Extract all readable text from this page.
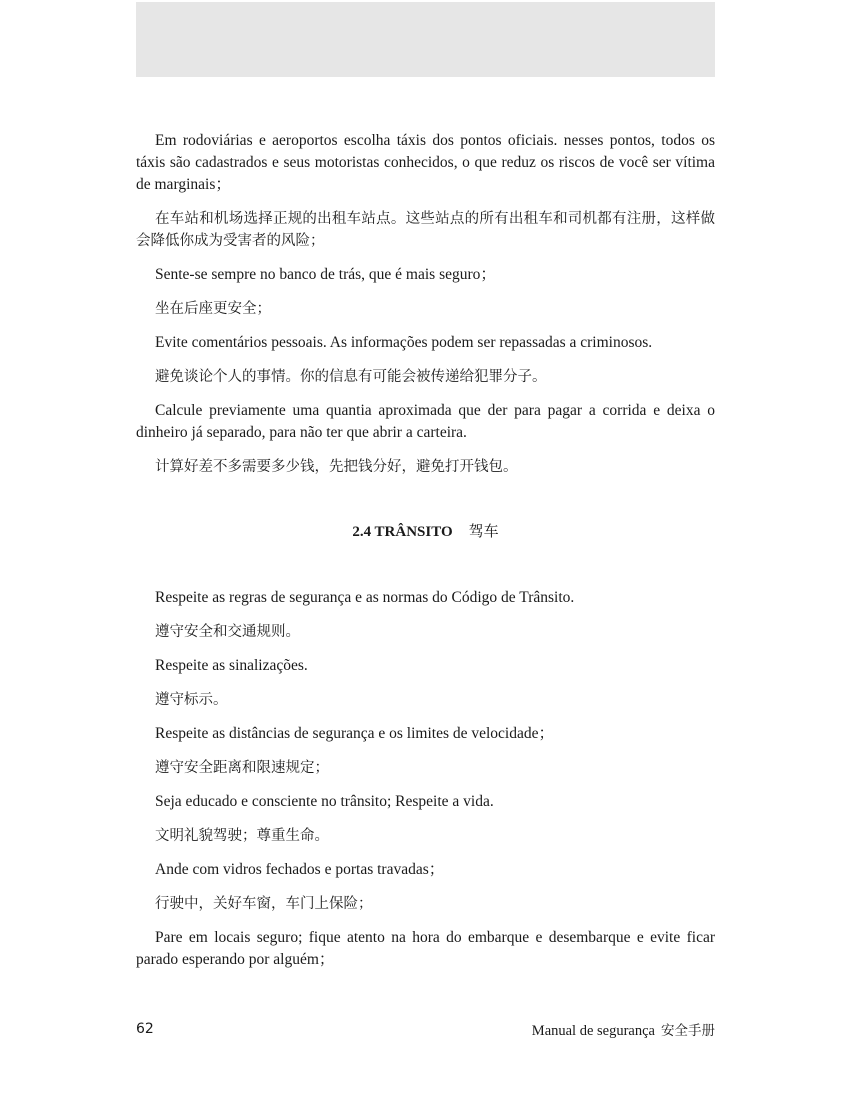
Em rodoviárias e aeroportos escolha táxis dos pontos oficiais. nesses pontos, todos os táxis são cadastrados e seus motoristas conhecidos, o que reduz os riscos de você ser vítima de marginais；

在车站和机场选择正规的出租车站点。这些站点的所有出租车和司机都有注册，这样做会降低你成为受害者的风险；

Sente-se sempre no banco de trás, que é mais seguro；

坐在后座更安全；

Evite comentários pessoais. As informações podem ser repassadas a criminosos.

避免谈论个人的事情。你的信息有可能会被传递给犯罪分子。

Calcule previamente uma quantia aproximada que der para pagar a corrida e deixa o dinheiro já separado, para não ter que abrir a carteira.

计算好差不多需要多少钱，先把钱分好，避免打开钱包。

2.4 TRÂNSITO 驾车

Respeite as regras de segurança e as normas do Código de Trânsito.

遵守安全和交通规则。

Respeite as sinalizações.

遵守标示。

Respeite as distâncias de segurança e os limites de velocidade；

遵守安全距离和限速规定；

Seja educado e consciente no trânsito; Respeite a vida.

文明礼貌驾驶；尊重生命。

Ande com vidros fechados e portas travadas；

行驶中，关好车窗，车门上保险；

Pare em locais seguro; fique atento na hora do embarque e desembarque e evite ficar parado esperando por alguém；

62	Manual de segurança 安全手册
